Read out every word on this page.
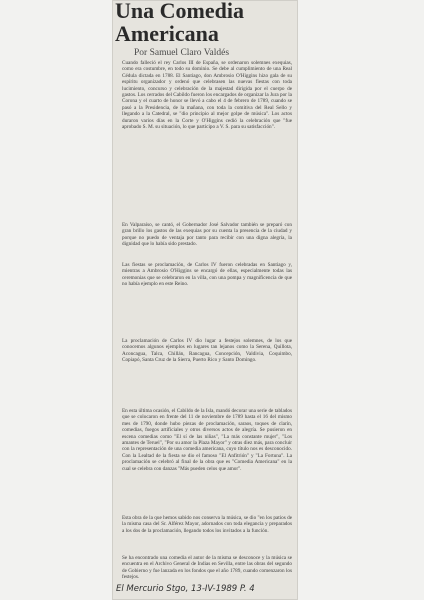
Una Comedia
Americana

Por Samuel Claro Valdés

Cuando falleció el rey Carlos III de España, se ordenaron solemnes exequias, como era costumbre, en todo su dominio. Se debe al cumplimiento de una Real Cédula dictada en 1788. El Santiago, don Ambrosio O'Higgins hizo gala de su espíritu organizador y ordenó que celebrasen las nuevas fiestas con toda lucimiento, concurso y celebración de la majestad dirigida por el cuerpo de gastos. Los cerrados del Cabildo fueron los encargados de organizar la Jura por la Corona y el cuarto de honor se llevó a cabo el 4 de febrero de 1789, cuando se pasó a la Presidencia, de la mañana, con toda la comitiva del Real Sello y llegando a la Catedral, se "dio principio al mejor golpe de música". Los actos duraron varios días en la Corte y O'Higgins cedió la celebración que "fue aprobado S. M. su situación, lo que participo a V. S. para su satisfacción".

En Valparaíso, se cantó, el Gobernador José Salvador también se preparó con gran brillo los gastos de las exequias por su cuenta la presencia de la ciudad y porque no puedo de ventaja por tanto para recibir con una digna alegría, la dignidad que lo había sido prestado.

Las fiestas se proclamación, de Carlos IV fueron celebradas en Santiago y, mientras a Ambrosio O'Higgins se encargó de ellas, especialmente todas las ceremonias que se celebraron en la villa, con una pompa y magnificencia de que no había ejemplo en este Reino.

La proclamación de Carlos IV dio lugar a festejos solemnes, de los que conocemos algunos ejemplos en lugares tan lejanos como la Serena, Quillota, Aconcagua, Talca, Chillán, Rancagua, Concepción, Valdivia, Coquimbo, Copiapó, Santa Cruz de la Sierra, Puerto Rico y Santo Domingo.

En esta última ocasión, el Cabildo de la Isla, mandó decorar una serie de tablados que se colocaron en frente del 11 de noviembre de 1789 hasta el 16 del mismo mes de 1790, donde hubo piezas de proclamación, saraos, toques de clarín, comedias, fuegos artificiales y otros diversos actos de alegría. Se pusieron en escena comedias como "El sí de las niñas", "La más constante mujer", "Los amantes de Teruel", "Por su amor la Plaza Mayor" y otras diez más, para concluir con la representación de una comedia americana, cuyo título nos es desconocido. Con la Lealtad de la fiesta se dio el famoso "El Anfitrión" y "La Fortuna". La proclamación se celebró al final de la obra que es "Comedia Americana" en la cual se celebra con danzas "Más pueden celos que amor".

Esta obra de la que hemos sabido nos conserva la música, se dio "en los patios de la misma casa del Sr. Alférez Mayor, adornados con toda elegancia y preparados a los dos de la proclamación, llegando todos los invitados a la función.

Se ha encontrado una comedia el autor de la misma se desconoce y la música se encuentra en el Archivo General de Indias en Sevilla, entre las obras del segundo de Gobierno y fue lanzada en los fondos que el año 1789, cuando comenzaron los festejos.

El Mercurio Stgo, 13-IV-1989 P. 4
